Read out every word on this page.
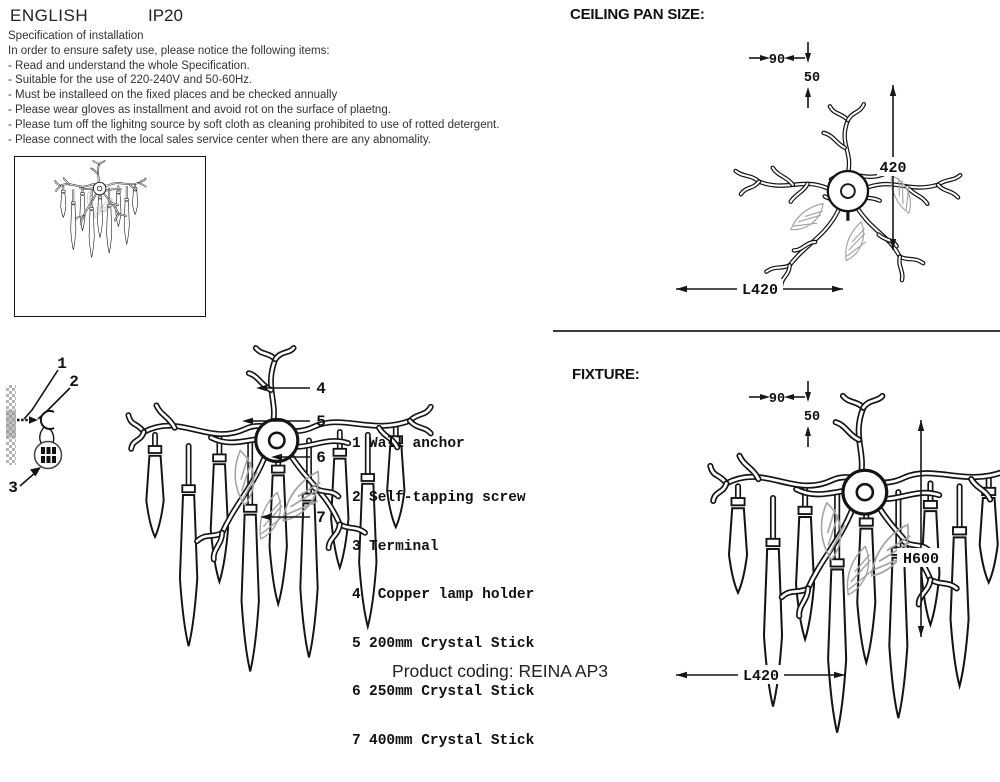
ENGLISH	IP20
Specification of installation
In order to ensure safety use, please notice the following items:
- Read and understand the whole Specification.
- Suitable for the use of 220-240V and 50-60Hz.
- Must be installeed on the fixed places and be checked annually
- Please wear gloves as installment and avoid rot on the surface of plaetng.
- Please tum off the lighitng source by soft cloth as cleaning prohibited to use of rotted detergent.
- Please connect with the local sales service center when there are any abnomality.
1
2
3
4
5
6
7

1 Wall anchor

2 Self-tapping screw

3 Terminal

4 Copper lamp holder

5 200mm Crystal Stick

6 250mm Crystal Stick

7 400mm Crystal Stick

CEILING PAN SIZE:
90
50
420
L420
FIXTURE:
90
50
H600
L420
Product coding: REINA AP3
